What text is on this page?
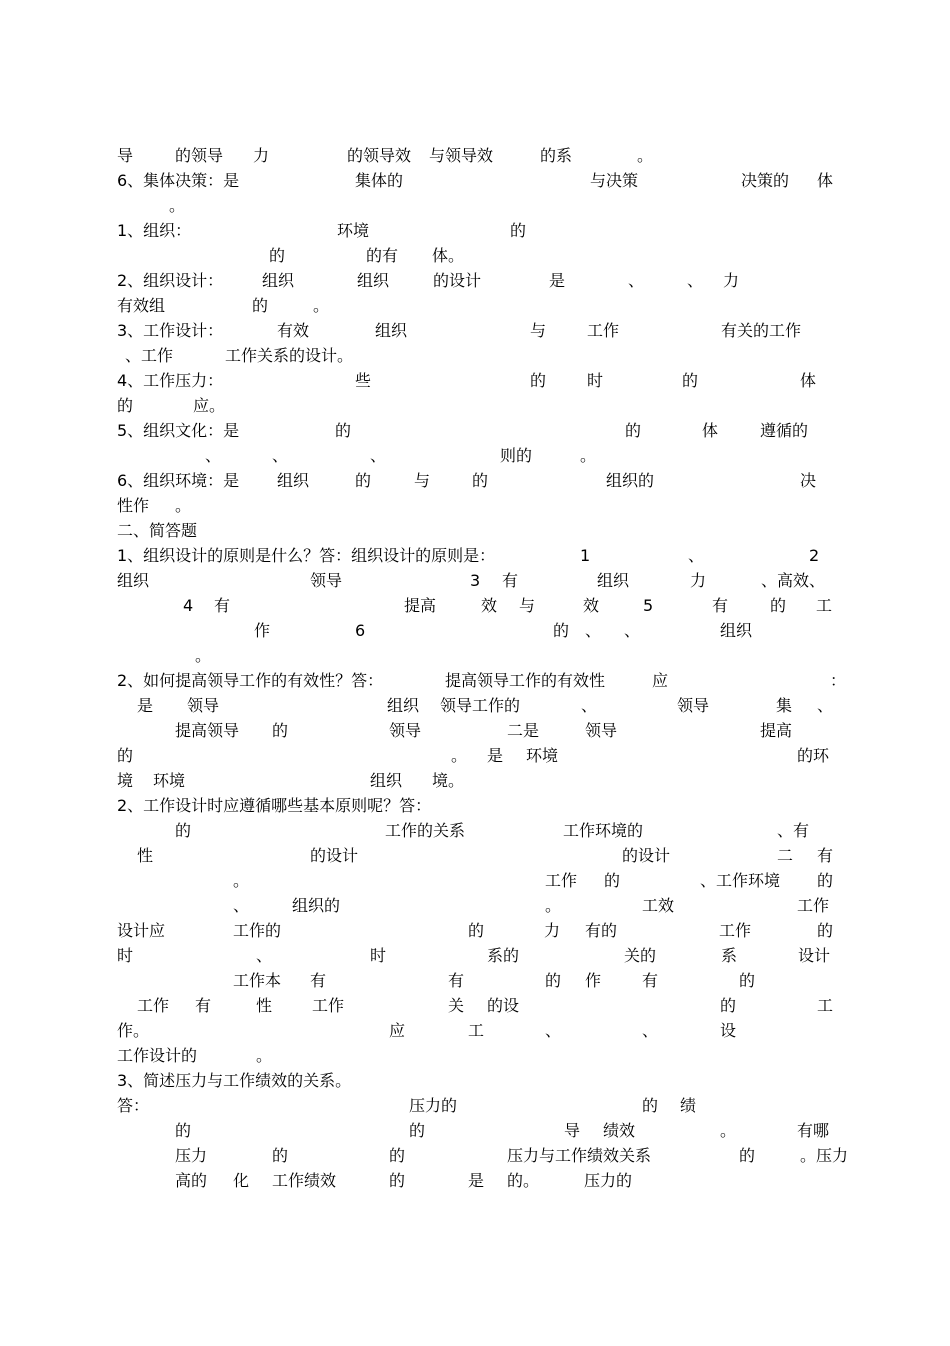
导	的领导 力	的领导效 与领导效	的系	。
6、集体决策：是	集体的	与决策	决策的 体
。
1、组织：	环境	的
的	的有 体。
2、组织设计： 组织	组织	的设计	是	、	、 力
有效组	的	。
3、工作设计：	有效	组织	与	工作	有关的工作
、工作	工作关系的设计。
4、工作压力：	些	的	时	的	体
的	应。
5、组织文化：是	的	的	体	遵循的
、	、	、	则的	。
6、组织环境：是 组织	的	与	的	组织的	决
性作 。
二、简答题
1、组织设计的原则是什么？答：组织设计的原则是：	1	、	2
组织	领导	3 有	组织	力	、高效、
4 有	提高	效 与	效	5	有	的 工
作	6	的 、 、	组织
。
2、如何提高领导工作的有效性？答：	提高领导工作的有效性	应	：
是 领导	组织 领导工作的	、	领导	集 、
提高领导 的	领导	二是	领导	提高
的	。 是 环境	的环
境 环境	组织 境。
2、工作设计时应遵循哪些基本原则呢？答：
的	工作的关系	工作环境的	、有
性	的设计	的设计	二 有
。	工作 的	、工作环境 的
、	组织的	。	工效	工作
设计应	工作的	的	力 有的	工作	的
时	、	时	系的	关的	系	设计
工作本 有	有	的 作	有	的
工作 有	性 工作	关 的设	的	工
作。	应	工	、	、	设
工作设计的	。
3、简述压力与工作绩效的关系。
答：	压力的	的 绩
的	的	导 绩效	。	有哪
压力	的	的	压力与工作绩效关系	的	。压力
高的 化 工作绩效	的	是 的。	压力的
